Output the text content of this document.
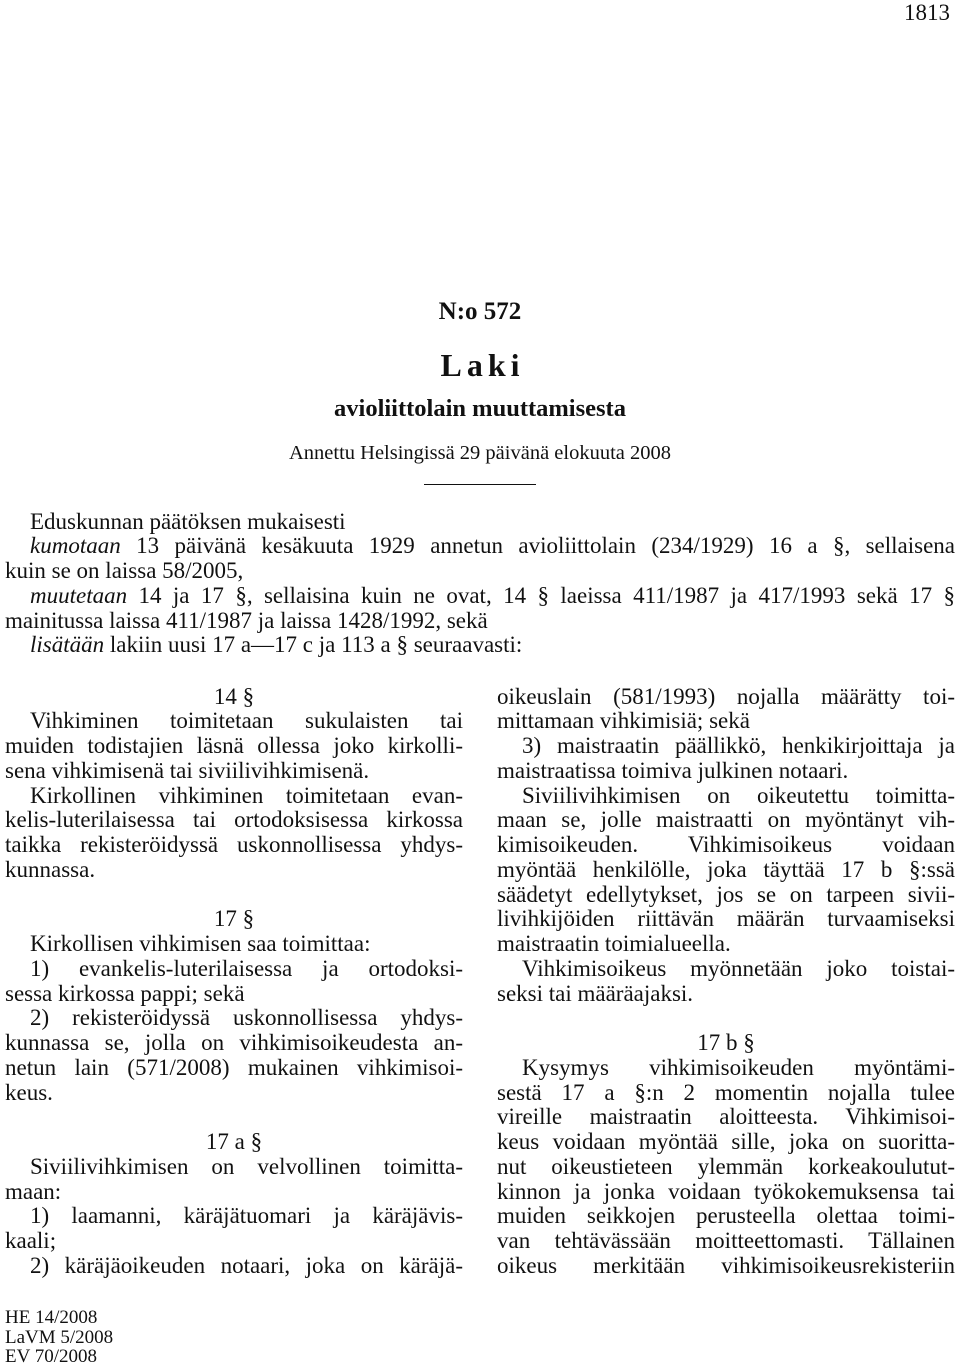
1813
N:o 572
Laki
avioliittolain muuttamisesta
Annettu Helsingissä 29 päivänä elokuuta 2008
Eduskunnan päätöksen mukaisesti
kumotaan 13 päivänä kesäkuuta 1929 annetun avioliittolain (234/1929) 16 a §, sellaisena
kuin se on laissa 58/2005,
muutetaan 14 ja 17 §, sellaisina kuin ne ovat, 14 § laeissa 411/1987 ja 417/1993 sekä 17 §
mainitussa laissa 411/1987 ja laissa 1428/1992, sekä
lisätään lakiin uusi 17 a—17 c ja 113 a § seuraavasti:
14 §
Vihkiminen toimitetaan sukulaisten tai
muiden todistajien läsnä ollessa joko kirkolli-
sena vihkimisenä tai siviilivihkimisenä.
Kirkollinen vihkiminen toimitetaan evan-
kelis-luterilaisessa tai ortodoksisessa kirkossa
taikka rekisteröidyssä uskonnollisessa yhdys-
kunnassa.
17 §
Kirkollisen vihkimisen saa toimittaa:
1) evankelis-luterilaisessa ja ortodoksi-
sessa kirkossa pappi; sekä
2) rekisteröidyssä uskonnollisessa yhdys-
kunnassa se, jolla on vihkimisoikeudesta an-
netun lain (571/2008) mukainen vihkimisoi-
keus.
17 a §
Siviilivihkimisen on velvollinen toimitta-
maan:
1) laamanni, käräjätuomari ja käräjävis-
kaali;
2) käräjäoikeuden notaari, joka on käräjä-
oikeuslain (581/1993) nojalla määrätty toi-
mittamaan vihkimisiä; sekä
3) maistraatin päällikkö, henkikirjoittaja ja
maistraatissa toimiva julkinen notaari.
Siviilivihkimisen on oikeutettu toimitta-
maan se, jolle maistraatti on myöntänyt vih-
kimisoikeuden. Vihkimisoikeus voidaan
myöntää henkilölle, joka täyttää 17 b §:ssä
säädetyt edellytykset, jos se on tarpeen sivii-
livihkijöiden riittävän määrän turvaamiseksi
maistraatin toimialueella.
Vihkimisoikeus myönnetään joko toistai-
seksi tai määräajaksi.
17 b §
Kysymys vihkimisoikeuden myöntämi-
sestä 17 a §:n 2 momentin nojalla tulee
vireille maistraatin aloitteesta. Vihkimisoi-
keus voidaan myöntää sille, joka on suoritta-
nut oikeustieteen ylemmän korkeakoulutut-
kinnon ja jonka voidaan työkokemuksensa tai
muiden seikkojen perusteella olettaa toimi-
van tehtävässään moitteettomasti. Tällainen
oikeus merkitään vihkimisoikeusrekisteriin
HE 14/2008
LaVM 5/2008
EV 70/2008
